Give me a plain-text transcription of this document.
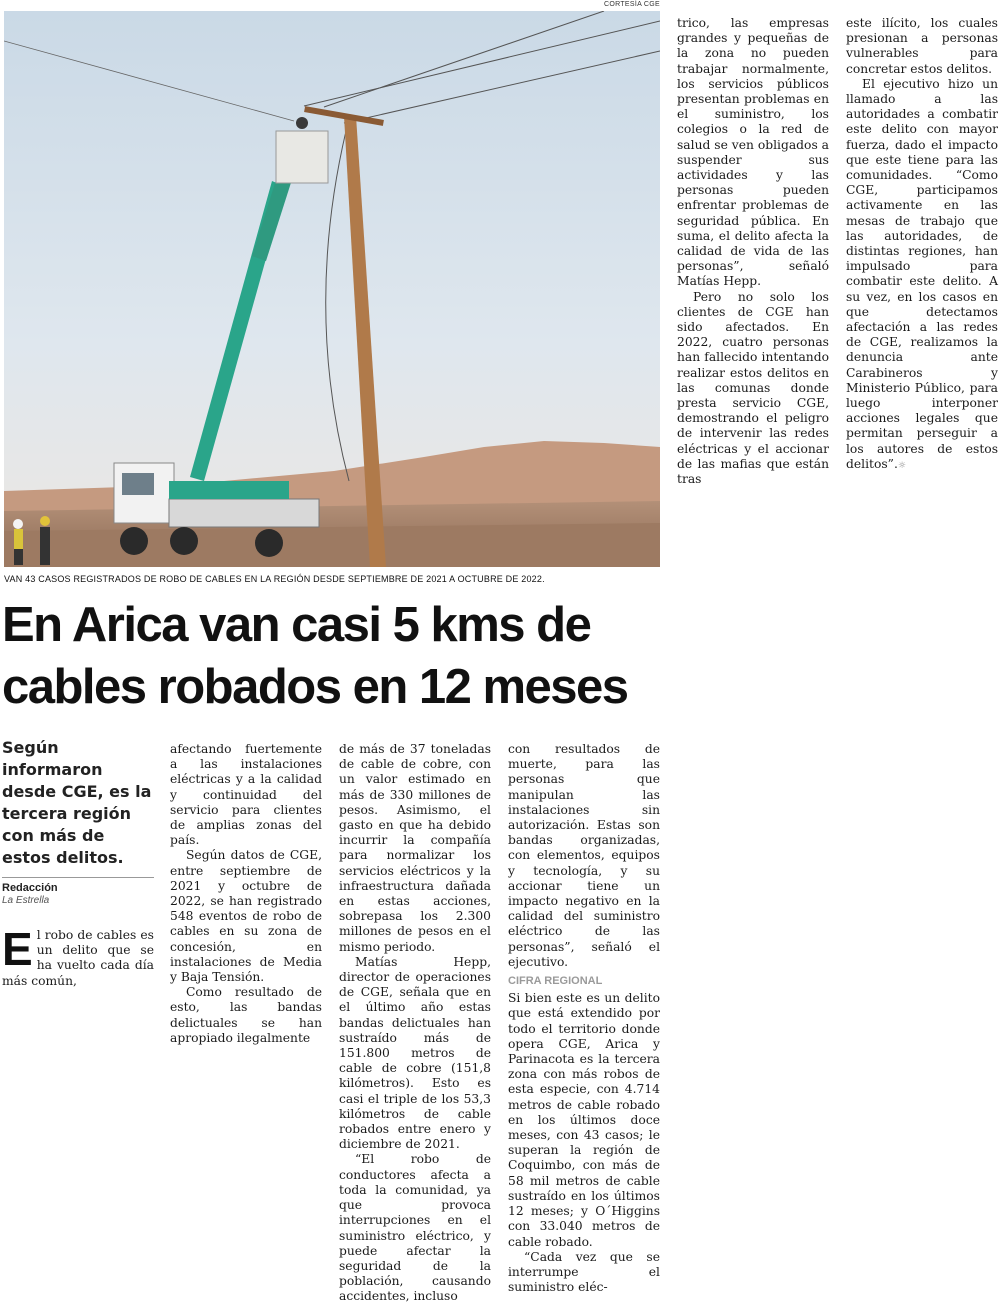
CORTESÍA CGE
VAN 43 CASOS REGISTRADOS DE ROBO DE CABLES EN LA REGIÓN DESDE SEPTIEMBRE DE 2021 A OCTUBRE DE 2022.
En Arica van casi 5 kms de cables robados en 12 meses
Según informaron desde CGE, es la tercera región con más de estos delitos.
Redacción
La Estrella

El robo de cables es un delito que se ha vuelto cada día más común,

afectando fuertemente a las instalaciones eléctricas y a la calidad y continuidad del servicio para clientes de amplias zonas del país.

Según datos de CGE, entre septiembre de 2021 y octubre de 2022, se han registrado 548 eventos de robo de cables en su zona de concesión, en instalaciones de Media y Baja Tensión.

Como resultado de esto, las bandas delictuales se han apropiado ilegalmente

de más de 37 toneladas de cable de cobre, con un valor estimado en más de 330 millones de pesos. Asimismo, el gasto en que ha debido incurrir la compañía para normalizar los servicios eléctricos y la infraestructura dañada en estas acciones, sobrepasa los 2.300 millones de pesos en el mismo periodo.

Matías Hepp, director de operaciones de CGE, señala que en el último año estas bandas delictuales han sustraído más de 151.800 metros de cable de cobre (151,8 kilómetros). Esto es casi el triple de los 53,3 kilómetros de cable robados entre enero y diciembre de 2021.

“El robo de conductores afecta a toda la comunidad, ya que provoca interrupciones en el suministro eléctrico, y puede afectar la seguridad de la población, causando accidentes, incluso

con resultados de muerte, para las personas que manipulan las instalaciones sin autorización. Estas son bandas organizadas, con elementos, equipos y tecnología, y su accionar tiene un impacto negativo en la calidad del suministro eléctrico de las personas”, señaló el ejecutivo.

CIFRA REGIONAL

Si bien este es un delito que está extendido por todo el territorio donde opera CGE, Arica y Parinacota es la tercera zona con más robos de esta especie, con 4.714 metros de cable robado en los últimos doce meses, con 43 casos; le superan la región de Coquimbo, con más de 58 mil metros de cable sustraído en los últimos 12 meses; y O´Higgins con 33.040 metros de cable robado.

“Cada vez que se interrumpe el suministro eléc-

trico, las empresas grandes y pequeñas de la zona no pueden trabajar normalmente, los servicios públicos presentan problemas en el suministro, los colegios o la red de salud se ven obligados a suspender sus actividades y las personas pueden enfrentar problemas de seguridad pública. En suma, el delito afecta la calidad de vida de las personas”, señaló Matías Hepp.

Pero no solo los clientes de CGE han sido afectados. En 2022, cuatro personas han fallecido intentando realizar estos delitos en las comunas donde presta servicio CGE, demostrando el peligro de intervenir las redes eléctricas y el accionar de las mafias que están tras

este ilícito, los cuales presionan a personas vulnerables para concretar estos delitos.

El ejecutivo hizo un llamado a las autoridades a combatir este delito con mayor fuerza, dado el impacto que este tiene para las comunidades. “Como CGE, participamos activamente en las mesas de trabajo que las autoridades, de distintas regiones, han impulsado para combatir este delito. A su vez, en los casos en que detectamos afectación a las redes de CGE, realizamos la denuncia ante Carabineros y Ministerio Público, para luego interponer acciones legales que permitan perseguir a los autores de estos delitos”.☼
